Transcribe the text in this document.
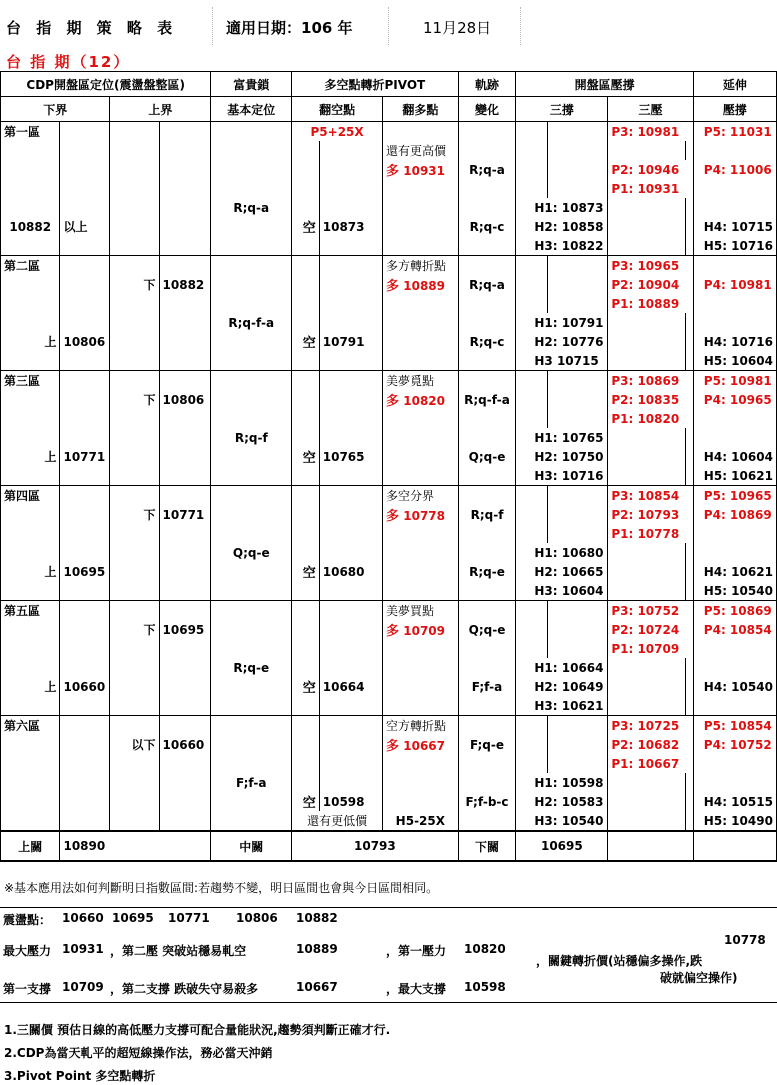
台 指 期 策 略 表	適用日期：106 年	11月28日
台 指 期（12）
CDP開盤區定位(震盪盤整區)				富貴鎖	多空點轉折PIVOT			軌跡	開盤區壓撐				延伸
下界		上界		基本定位	翻空點		翻多點	變化	三撐		三壓		壓撐
第一區					P5+25X						P3: 10981		P5: 11031
							還有更高價						
							多 10931	R;q-a			P2: 10946		P4: 11006
											P1: 10931		
				R;q-a					H1: 10873				
10882	以上				空	10873		R;q-c	H2: 10858				H4: 10715
									H3: 10822				H5: 10716
第二區							多方轉折點				P3: 10965		
		下	10882				多 10889	R;q-a			P2: 10904		P4: 10981
											P1: 10889		
				R;q-f-a					H1: 10791				
上	10806				空	10791		R;q-c	H2: 10776				H4: 10716
									H3 10715				H5: 10604
第三區							美夢覓點				P3: 10869		P5: 10981
		下	10806				多 10820	R;q-f-a			P2: 10835		P4: 10965
											P1: 10820		
				R;q-f					H1: 10765				
上	10771				空	10765		Q;q-e	H2: 10750				H4: 10604
									H3: 10716				H5: 10621
第四區							多空分界				P3: 10854		P5: 10965
		下	10771				多 10778	R;q-f			P2: 10793		P4: 10869
											P1: 10778		
				Q;q-e					H1: 10680				
上	10695				空	10680		R;q-e	H2: 10665				H4: 10621
									H3: 10604				H5: 10540
第五區							美夢買點				P3: 10752		P5: 10869
		下	10695				多 10709	Q;q-e			P2: 10724		P4: 10854
											P1: 10709		
				R;q-e					H1: 10664				
上	10660				空	10664		F;f-a	H2: 10649				H4: 10540
									H3: 10621				
第六區							空方轉折點				P3: 10725		P5: 10854
		以下	10660				多 10667	F;q-e			P2: 10682		P4: 10752
											P1: 10667		
				F;f-a					H1: 10598				
					空	10598		F;f-b-c	H2: 10583				H4: 10515
					還有更低價		H5-25X		H3: 10540				H5: 10490
上關	10890			中關	10793			下關	10695				
※基本應用法如何判斷明日指數區間:若趨勢不變，明日區間也會與今日區間相同。
震盪點： 10660 10695 10771 10806 10882
最大壓力 10931 ，第二壓 突破站穩易軋空	10889	，第一壓力 10820
第一支撐 10709 ，第二支撐 跌破失守易殺多	10667	，最大支撐 10598
10778
，關鍵轉折價(站穩偏多操作,跌
破就偏空操作)
1.三關價 預估日線的高低壓力支撐可配合量能狀況,趨勢須判斷正確才行.
2.CDP為當天軋平的超短線操作法，務必當天沖銷
3.Pivot Point 多空點轉折
